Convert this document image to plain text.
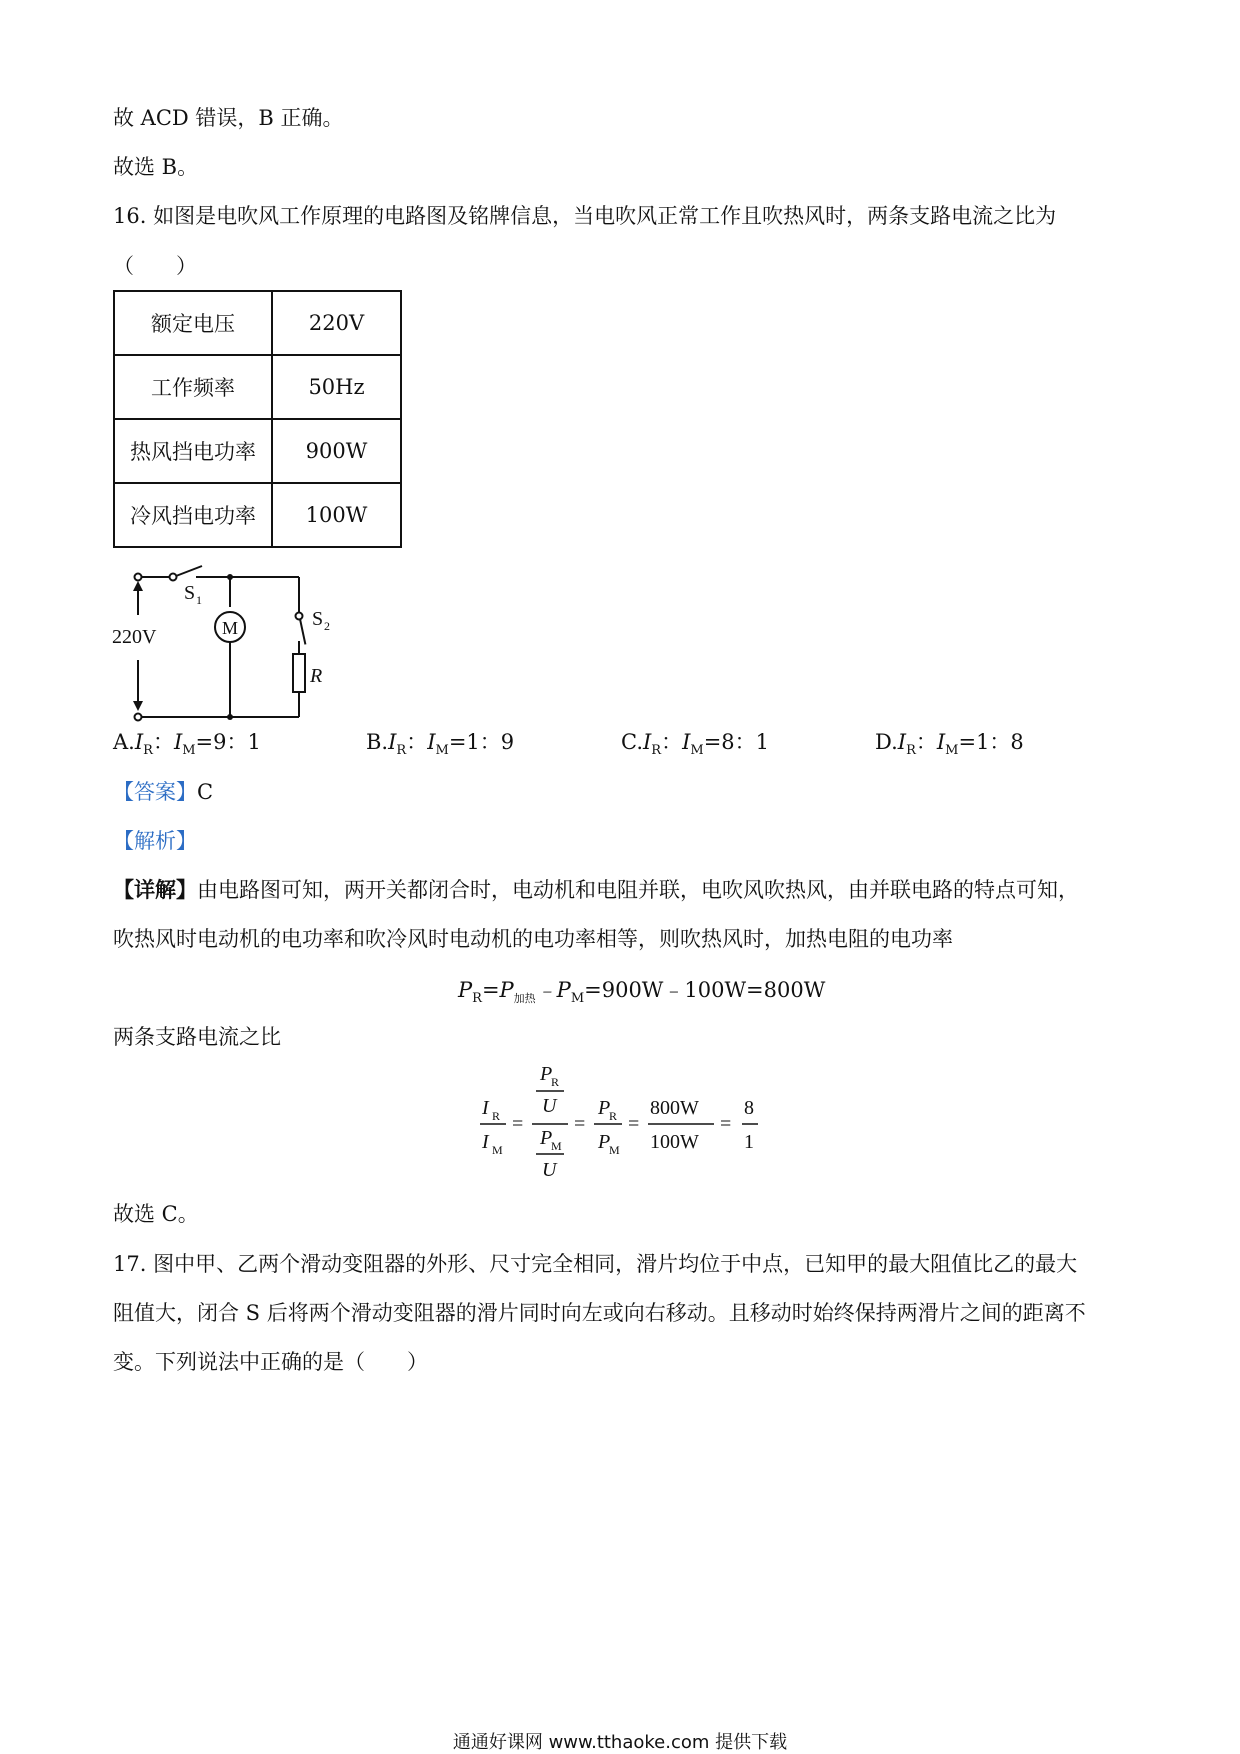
故 ACD 错误，B 正确。
故选 B。
16. 如图是电吹风工作原理的电路图及铭牌信息，当电吹风正常工作且吹热风时，两条支路电流之比为
（　　）
额定电压	220V
工作频率	50Hz
热风挡电功率	900W
冷风挡电功率	100W
220V	M
S 1
S 2
R
$A.I_R$：$I_M=9$：1	$B.I_R$：$I_M=1$：9	$C.I_R$：$I_M=8$：1	$D.I_R$：$I_M=1$：8
【答案】C
【解析】
【详解】由电路图可知，两开关都闭合时，电动机和电阻并联，电吹风吹热风，由并联电路的特点可知，
吹热风时电动机的电功率和吹冷风时电动机的电功率相等，则吹热风时，加热电阻的电功率
$P_R=P_{加热}﹣P_M=900W﹣100W=800W$
两条支路电流之比
I R
I M
=
P
R
U
P
M
U
=
P
R
P
M
=
800W
100W
=
8
1
故选 C。
17. 图中甲、乙两个滑动变阻器的外形、尺寸完全相同，滑片均位于中点，已知甲的最大阻值比乙的最大
阻值大，闭合 S 后将两个滑动变阻器的滑片同时向左或向右移动。且移动时始终保持两滑片之间的距离不
变。下列说法中正确的是（　　）
通通好课网 www.tthaoke.com 提供下载
